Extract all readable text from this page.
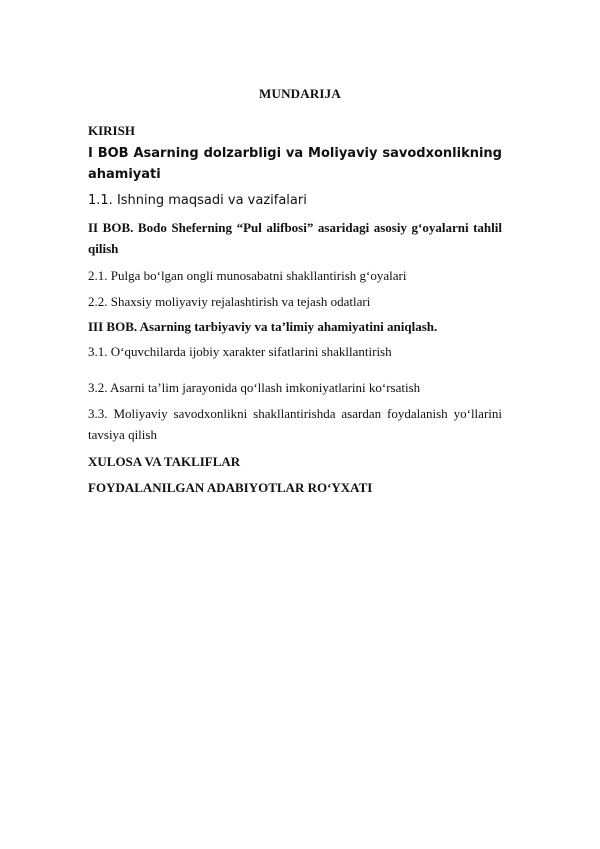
MUNDARIJA
KIRISH
I BOB Asarning dolzarbligi va Moliyaviy savodxonlikning ahamiyati
1.1. Ishning maqsadi va vazifalari
II BOB. Bodo Sheferning “Pul alifbosi” asaridagi asosiy g‘oyalarni tahlil qilish
2.1. Pulga bo‘lgan ongli munosabatni shakllantirish g‘oyalari
2.2. Shaxsiy moliyaviy rejalashtirish va tejash odatlari
III BOB. Asarning tarbiyaviy va ta’limiy ahamiyatini aniqlash.
3.1. O‘quvchilarda ijobiy xarakter sifatlarini shakllantirish
3.2. Asarni ta’lim jarayonida qo‘llash imkoniyatlarini ko‘rsatish
3.3. Moliyaviy savodxonlikni shakllantirishda asardan foydalanish yo‘llarini tavsiya qilish
XULOSA VA TAKLIFLAR
FOYDALANILGAN ADABIYOTLAR RO‘YXATI
